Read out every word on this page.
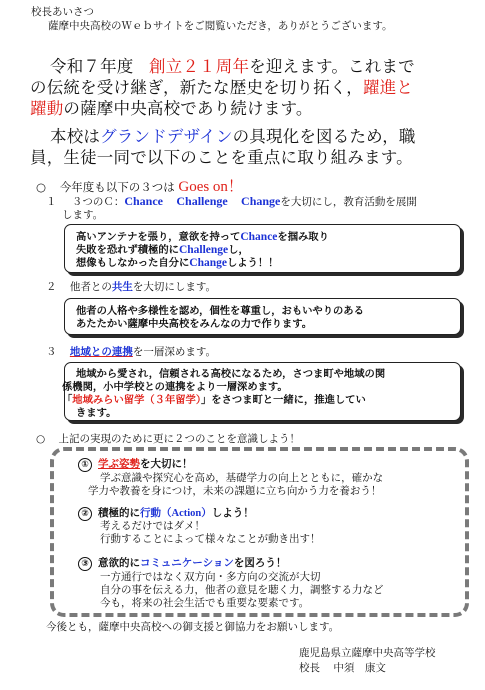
校長あいさつ
薩摩中央高校のＷｅｂサイトをご閲覧いただき，ありがとうございます。
令和７年度 創立２１周年を迎えます。これまで
の伝統を受け継ぎ，新たな歴史を切り拓く，躍進と
躍動の薩摩中央高校であり続けます。
本校はグランドデザインの具現化を図るため，職
員，生徒一同で以下のことを重点に取り組みます。
○ 今年度も以下の３つは Goes on！
１ ３つのＣ：Chance Challenge Changeを大切にし，教育活動を展開
します。
高いアンテナを張り，意欲を持ってChanceを掴み取り
失敗を恐れず積極的にChallengeし，
想像もしなかった自分にChangeしよう！！
２ 他者との共生を大切にします。
他者の人格や多様性を認め，個性を尊重し，おもいやりのある
あたたかい薩摩中央高校をみんなの力で作ります。
３ 地域との連携を一層深めます。
地域から愛され，信頼される高校になるため，さつま町や地域の関
係機関，小中学校との連携をより一層深めます。
「地域みらい留学（３年留学）」をさつま町と一緒に，推進してい
きます。
○ 上記の実現のために更に２つのことを意識しよう！
① 学ぶ姿勢を大切に！
学ぶ意識や探究心を高め，基礎学力の向上とともに，確かな
学力や教養を身につけ，未来の課題に立ち向かう力を養おう！
② 積極的に行動（Action）しよう！
考えるだけではダメ！
行動することによって様々なことが動き出す！
③ 意欲的にコミュニケーションを図ろう！
一方通行ではなく双方向・多方向の交流が大切
自分の事を伝える力，他者の意見を聴く力，調整する力など
今も，将来の社会生活でも重要な要素です。
今後とも，薩摩中央高校への御支援と御協力をお願いします。
鹿児島県立薩摩中央高等学校
校長 中須　康文
